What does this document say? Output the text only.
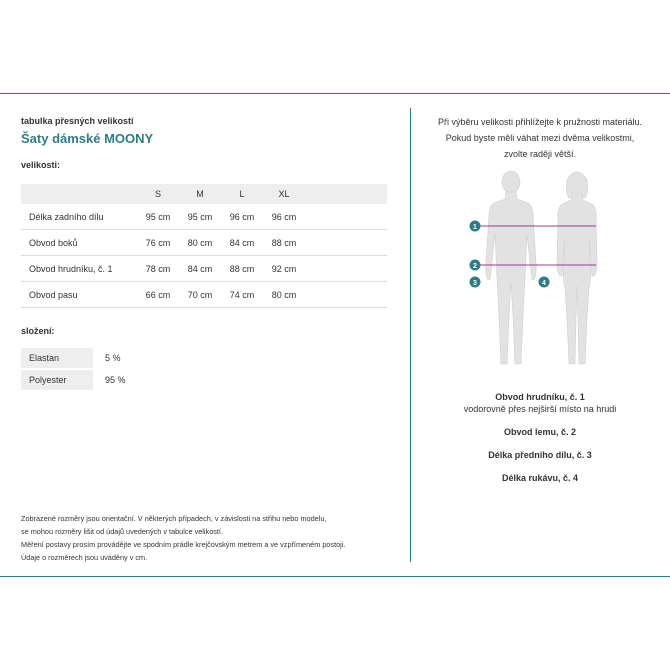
tabulka přesných velikostí

Šaty dámské MOONY

velikosti:

	S	M	L	XL	
Délka zadního dílu	95 cm	95 cm	96 cm	96 cm	
Obvod boků	76 cm	80 cm	84 cm	88 cm	
Obvod hrudníku, č. 1	78 cm	84 cm	88 cm	92 cm	
Obvod pasu	66 cm	70 cm	74 cm	80 cm	

složení:

Elastan	5 %
Polyester	95 %

Zobrazené rozměry jsou orientační. V některých případech, v závislosti na střihu nebo modelu,

se mohou rozměry lišit od údajů uvedených v tabulce velikostí.

Měření postavy prosím provádějte ve spodním prádle krejčovským metrem a ve vzpřímeném postoji.

Údaje o rozměrech jsou uváděny v cm.

Při výběru velikosti přihlížejte k pružnosti materiálu.

Pokud byste měli váhat mezi dvěma velikostmi,

zvolte raději větší.

1
2
3	4

Obvod hrudníku, č. 1

vodorovně přes nejširší místo na hrudi

Obvod lemu, č. 2

Délka předního dílu, č. 3

Délka rukávu, č. 4
